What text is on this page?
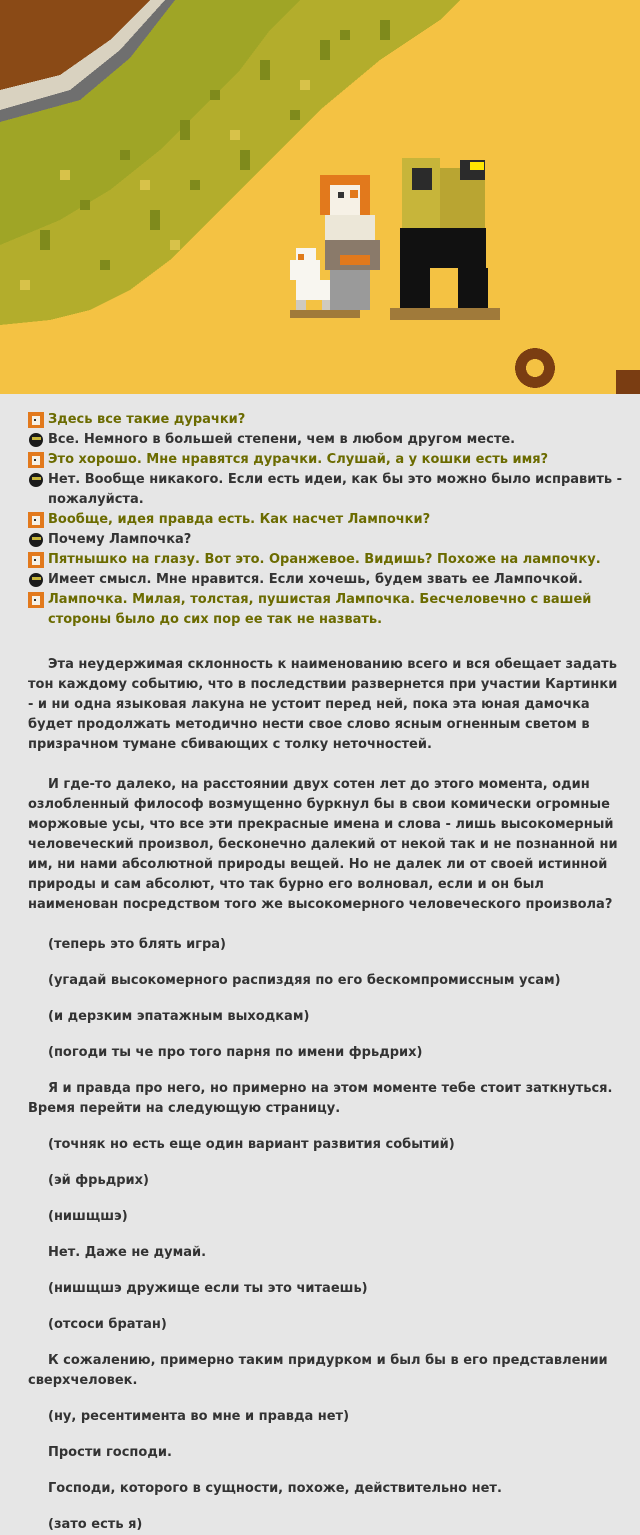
Здесь все такие дурачки?
Все. Немного в большей степени, чем в любом другом месте.
Это хорошо. Мне нравятся дурачки. Слушай, а у кошки есть имя?
Нет. Вообще никакого. Если есть идеи, как бы это можно было исправить - пожалуйста.
Вообще, идея правда есть. Как насчет Лампочки?
Почему Лампочка?
Пятнышко на глазу. Вот это. Оранжевое. Видишь? Похоже на лампочку.
Имеет смысл. Мне нравится. Если хочешь, будем звать ее Лампочкой.
Лампочка. Милая, толстая, пушистая Лампочка. Бесчеловечно с вашей стороны было до сих пор ее так не назвать.

Эта неудержимая склонность к наименованию всего и вся обещает задать тон каждому событию, что в последствии развернется при участии Картинки - и ни одна языковая лакуна не устоит перед ней, пока эта юная дамочка будет продолжать методично нести свое слово ясным огненным светом в призрачном тумане сбивающих с толку неточностей.

И где-то далеко, на расстоянии двух сотен лет до этого момента, один озлобленный философ возмущенно буркнул бы в свои комически огромные моржовые усы, что все эти прекрасные имена и слова - лишь высокомерный человеческий произвол, бесконечно далекий от некой так и не познанной ни им, ни нами абсолютной природы вещей. Но не далек ли от своей истинной природы и сам абсолют, что так бурно его волновал, если и он был наименован посредством того же высокомерного человеческого произвола?

(теперь это блять игра)

(угадай высокомерного распиздяя по его бескомпромиссным усам)

(и дерзким эпатажным выходкам)

(погоди ты че про того парня по имени фрьдрих)

Я и правда про него, но примерно на этом моменте тебе стоит заткнуться. Время перейти на следующую страницу.

(точняк но есть еще один вариант развития событий)

(эй фрьдрих)

(нишщшэ)

Нет. Даже не думай.

(нишщшэ дружище если ты это читаешь)

(отсоси братан)

К сожалению, примерно таким придурком и был бы в его представлении сверхчеловек.

(ну, ресентимента во мне и правда нет)

Прости господи.

Господи, которого в сущности, похоже, действительно нет.

(зато есть я)
